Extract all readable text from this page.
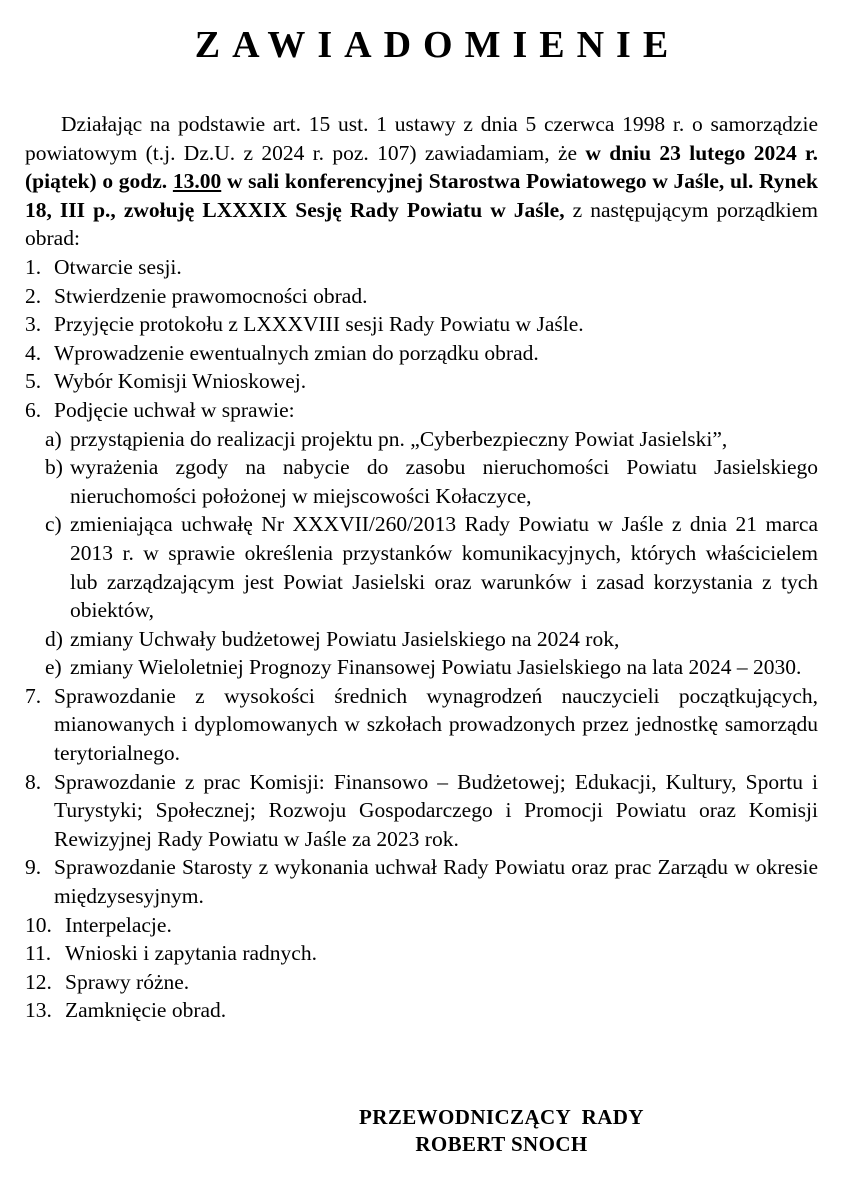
ZAWIADOMIENIE

Działając na podstawie art. 15 ust. 1 ustawy z dnia 5 czerwca 1998 r. o samorządzie powiatowym (t.j. Dz.U. z 2024 r. poz. 107) zawiadamiam, że w dniu 23 lutego 2024 r. (piątek) o godz. 13.00 w sali konferencyjnej Starostwa Powiatowego w Jaśle, ul. Rynek 18, III p., zwołuję LXXXIX Sesję Rady Powiatu w Jaśle, z następującym porządkiem obrad:

1. Otwarcie sesji.
2. Stwierdzenie prawomocności obrad.
3. Przyjęcie protokołu z LXXXVIII sesji Rady Powiatu w Jaśle.
4. Wprowadzenie ewentualnych zmian do porządku obrad.
5. Wybór Komisji Wnioskowej.
6. Podjęcie uchwał w sprawie:
a) przystąpienia do realizacji projektu pn. „Cyberbezpieczny Powiat Jasielski”,
b) wyrażenia zgody na nabycie do zasobu nieruchomości Powiatu Jasielskiego nieruchomości położonej w miejscowości Kołaczyce,
c) zmieniająca uchwałę Nr XXXVII/260/2013 Rady Powiatu w Jaśle z dnia 21 marca 2013 r. w sprawie określenia przystanków komunikacyjnych, których właścicielem lub zarządzającym jest Powiat Jasielski oraz warunków i zasad korzystania z tych obiektów,
d) zmiany Uchwały budżetowej Powiatu Jasielskiego na 2024 rok,
e) zmiany Wieloletniej Prognozy Finansowej Powiatu Jasielskiego na lata 2024 – 2030.
7. Sprawozdanie z wysokości średnich wynagrodzeń nauczycieli początkujących, mianowanych i dyplomowanych w szkołach prowadzonych przez jednostkę samorządu terytorialnego.
8. Sprawozdanie z prac Komisji: Finansowo – Budżetowej; Edukacji, Kultury, Sportu i Turystyki; Społecznej; Rozwoju Gospodarczego i Promocji Powiatu oraz Komisji Rewizyjnej Rady Powiatu w Jaśle za 2023 rok.
9. Sprawozdanie Starosty z wykonania uchwał Rady Powiatu oraz prac Zarządu w okresie międzysesyjnym.
10. Interpelacje.
11. Wnioski i zapytania radnych.
12. Sprawy różne.
13. Zamknięcie obrad.
PRZEWODNICZĄCY  RADY
ROBERT SNOCH
